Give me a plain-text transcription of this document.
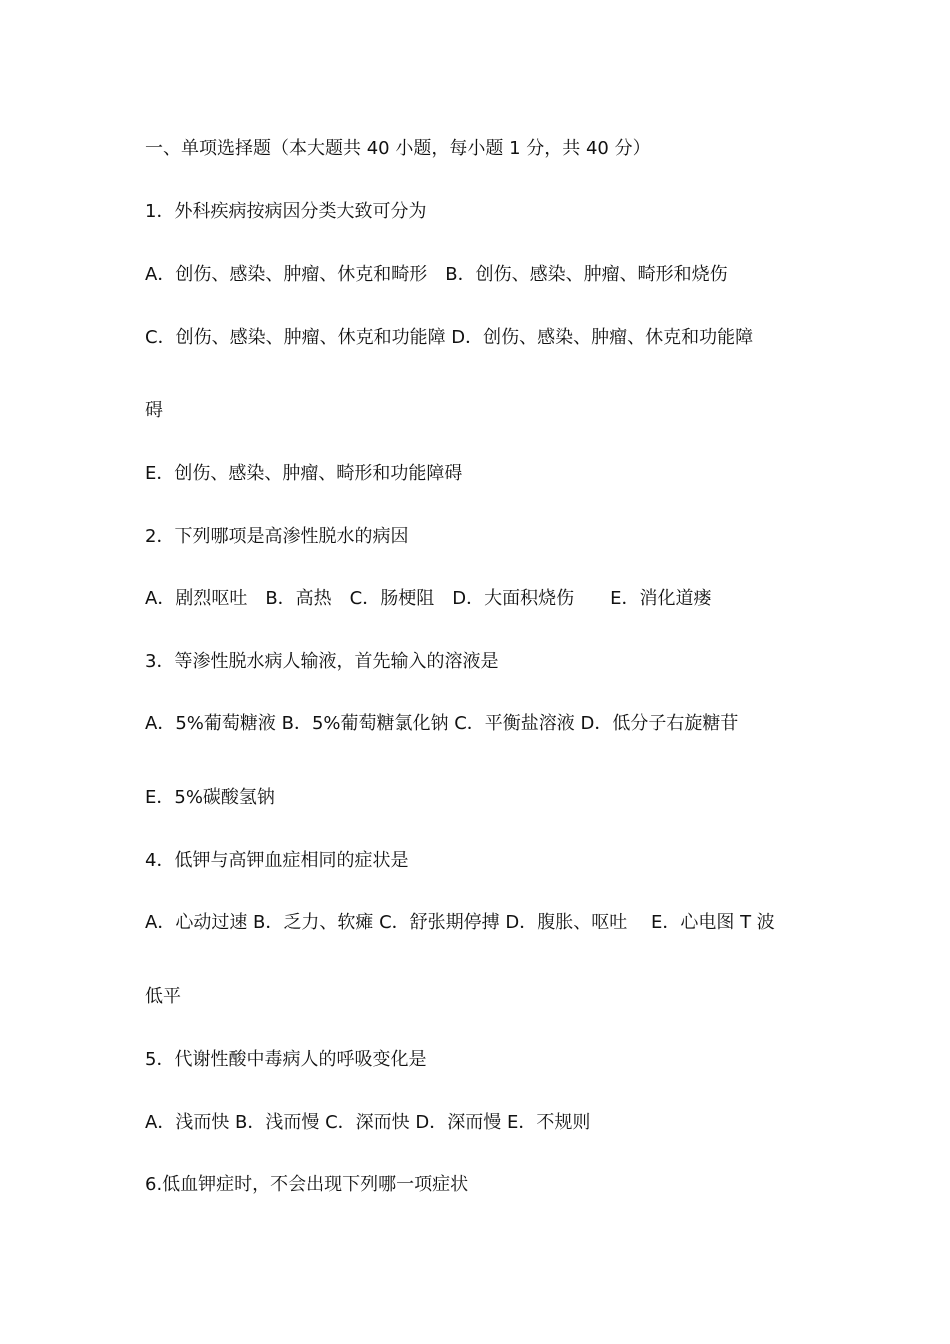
一、单项选择题（本大题共 40 小题，每小题 1 分，共 40 分）
1．外科疾病按病因分类大致可分为
A．创伤、感染、肿瘤、休克和畸形　B．创伤、感染、肿瘤、畸形和烧伤
C．创伤、感染、肿瘤、休克和功能障 D．创伤、感染、肿瘤、休克和功能障
碍
E．创伤、感染、肿瘤、畸形和功能障碍
2．下列哪项是高渗性脱水的病因
A．剧烈呕吐　B．高热　C．肠梗阻　D．大面积烧伤　　E．消化道瘘
3．等渗性脱水病人输液，首先输入的溶液是
A．5%葡萄糖液 B．5%葡萄糖氯化钠 C．平衡盐溶液 D．低分子右旋糖苷
E．5%碳酸氢钠
4．低钾与高钾血症相同的症状是
A．心动过速 B．乏力、软瘫 C．舒张期停搏 D．腹胀、呕吐　 E．心电图 T 波
低平
5．代谢性酸中毒病人的呼吸变化是
A．浅而快 B．浅而慢 C．深而快 D．深而慢 E．不规则
6.低血钾症时，不会出现下列哪一项症状
